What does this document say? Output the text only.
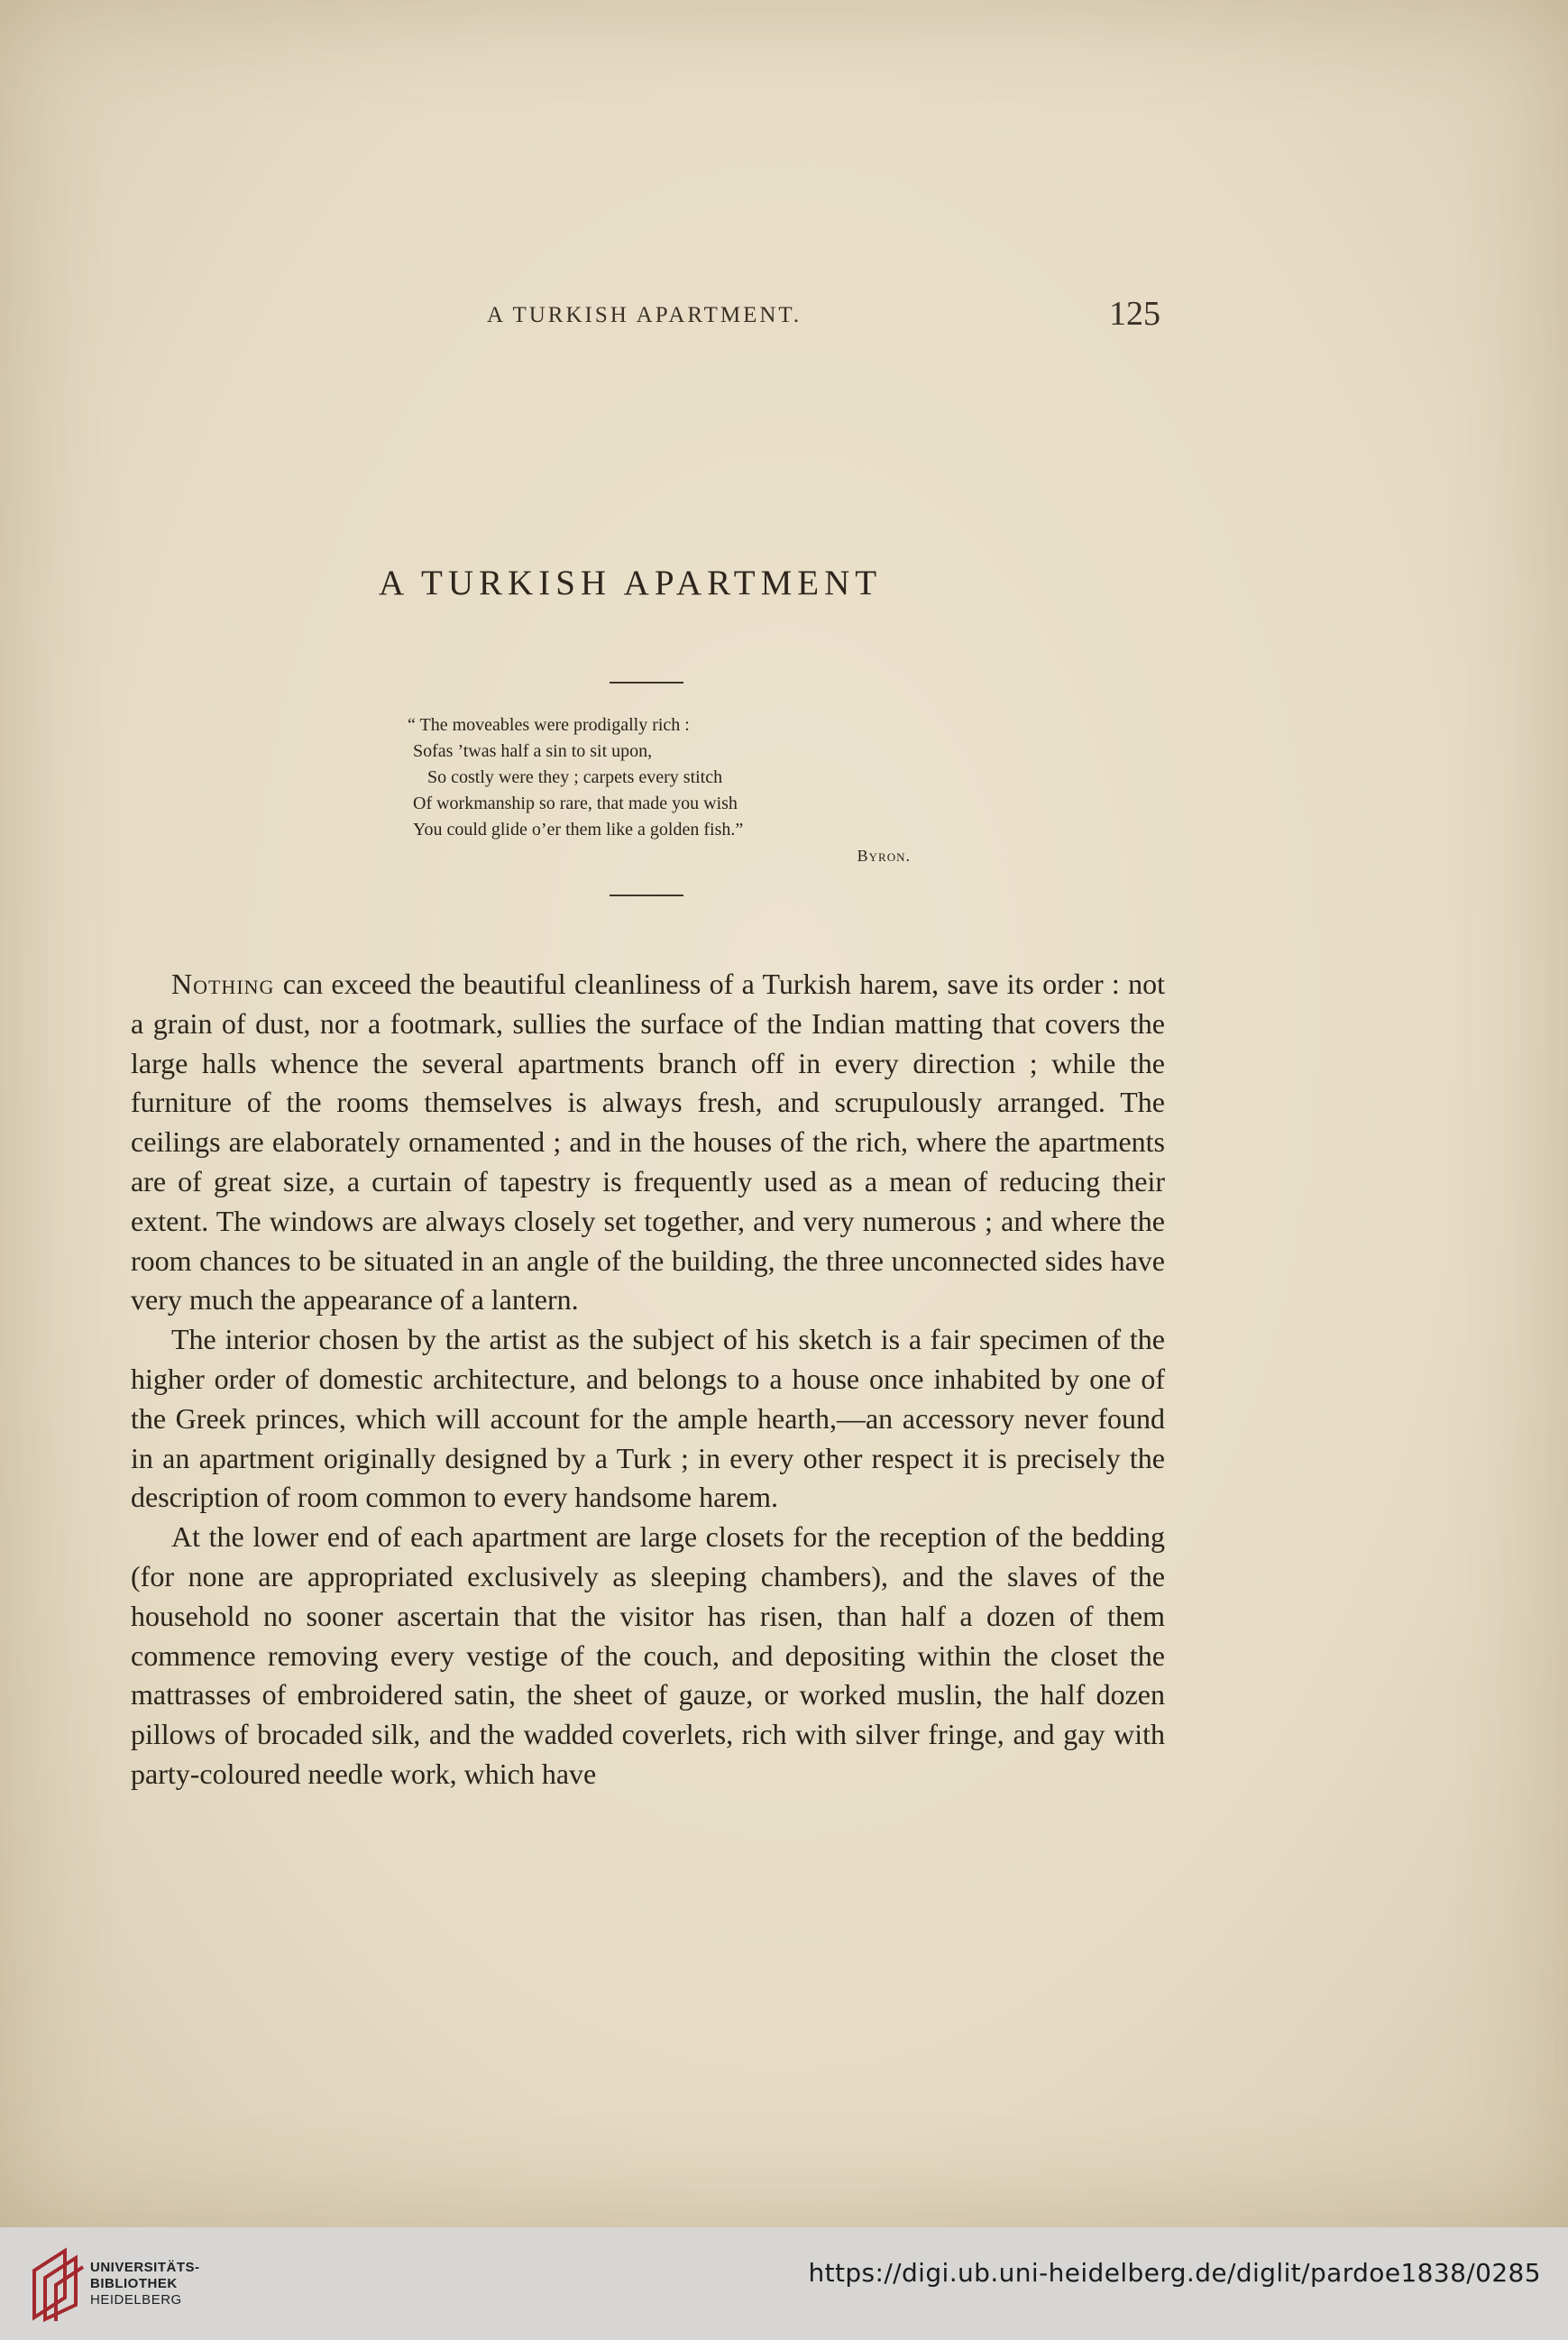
A TURKISH APARTMENT.	125
A TURKISH APARTMENT
“ The moveables were prodigally rich :
Sofas ’twas half a sin to sit upon,
So costly were they ; carpets every stitch
Of workmanship so rare, that made you wish
You could glide o’er them like a golden fish.”
Byron.

Nothing can exceed the beautiful cleanliness of a Turkish harem, save its order : not a grain of dust, nor a footmark, sullies the surface of the Indian matting that covers the large halls whence the several apartments branch off in every direction ; while the furniture of the rooms themselves is always fresh, and scrupulously arranged. The ceilings are elaborately ornamented ; and in the houses of the rich, where the apartments are of great size, a curtain of tapestry is frequently used as a mean of reducing their extent. The windows are always closely set together, and very numerous ; and where the room chances to be situated in an angle of the building, the three unconnected sides have very much the appearance of a lantern.

The interior chosen by the artist as the subject of his sketch is a fair specimen of the higher order of domestic architecture, and belongs to a house once inhabited by one of the Greek princes, which will account for the ample hearth,—an accessory never found in an apartment originally designed by a Turk ; in every other respect it is precisely the description of room common to every handsome harem.

At the lower end of each apartment are large closets for the reception of the bedding (for none are appropriated exclusively as sleeping chambers), and the slaves of the household no sooner ascertain that the visitor has risen, than half a dozen of them commence removing every vestige of the couch, and depositing within the closet the mattrasses of embroidered satin, the sheet of gauze, or worked muslin, the half dozen pillows of brocaded silk, and the wadded coverlets, rich with silver fringe, and gay with party-coloured needle work, which have

UNIVERSITÄTS-
BIBLIOTHEK
HEIDELBERG
https://digi.ub.uni-heidelberg.de/diglit/pardoe1838/0285
